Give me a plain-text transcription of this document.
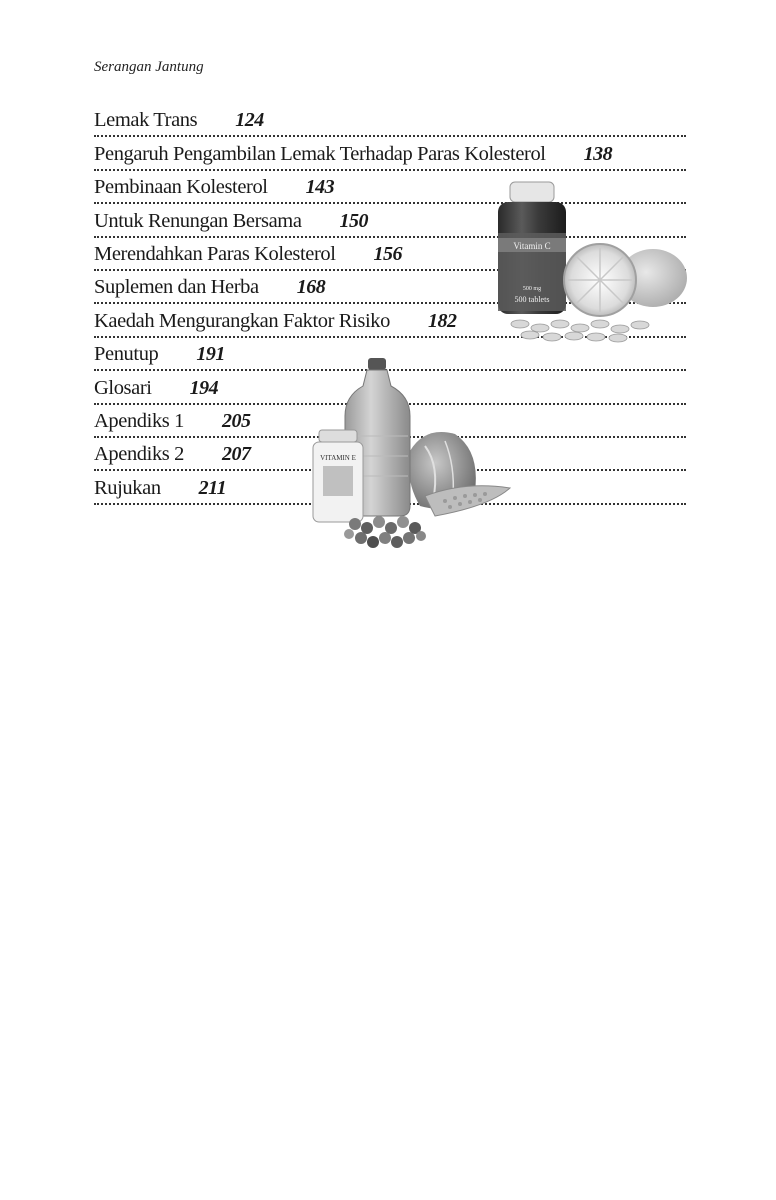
Serangan Jantung
Lemak Trans 124
Pengaruh Pengambilan Lemak Terhadap Paras Kolesterol 138
Pembinaan Kolesterol 143
Untuk Renungan Bersama 150
Merendahkan Paras Kolesterol 156
Suplemen dan Herba 168
Kaedah Mengurangkan Faktor Risiko 182
Penutup 191
Glosari 194
Apendiks 1 205
Apendiks 2 207
Rujukan 211
Vitamin C
500 mg
500 tablets
VITAMIN E
